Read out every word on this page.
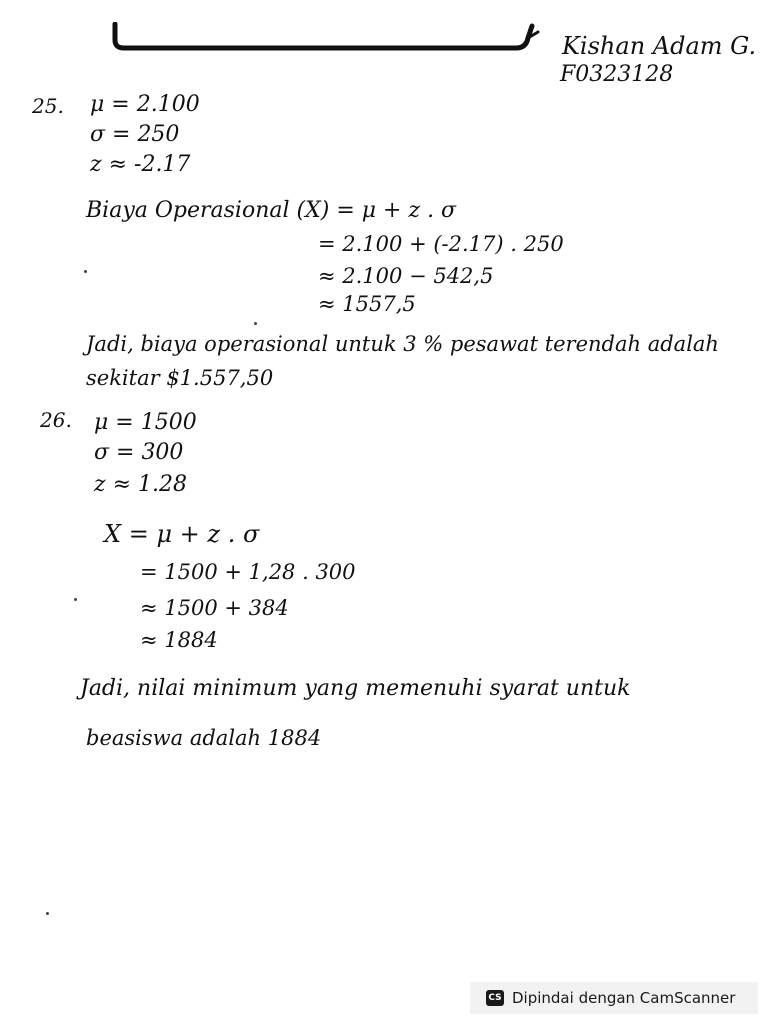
Kishan Adam G.
F0323128
25. μ = 2.100
σ = 250
z ≈ -2.17
Biaya Operasional (X) = μ + z . σ
= 2.100 + (-2.17) . 250
≈ 2.100 − 542,5
≈ 1557,5
Jadi, biaya operasional untuk 3 % pesawat terendah adalah
sekitar $1.557,50
26. μ = 1500
σ = 300
z ≈ 1.28
X = μ + z . σ
= 1500 + 1,28 . 300
≈ 1500 + 384
≈ 1884
Jadi, nilai minimum yang memenuhi syarat untuk
beasiswa adalah 1884
CS Dipindai dengan CamScanner
